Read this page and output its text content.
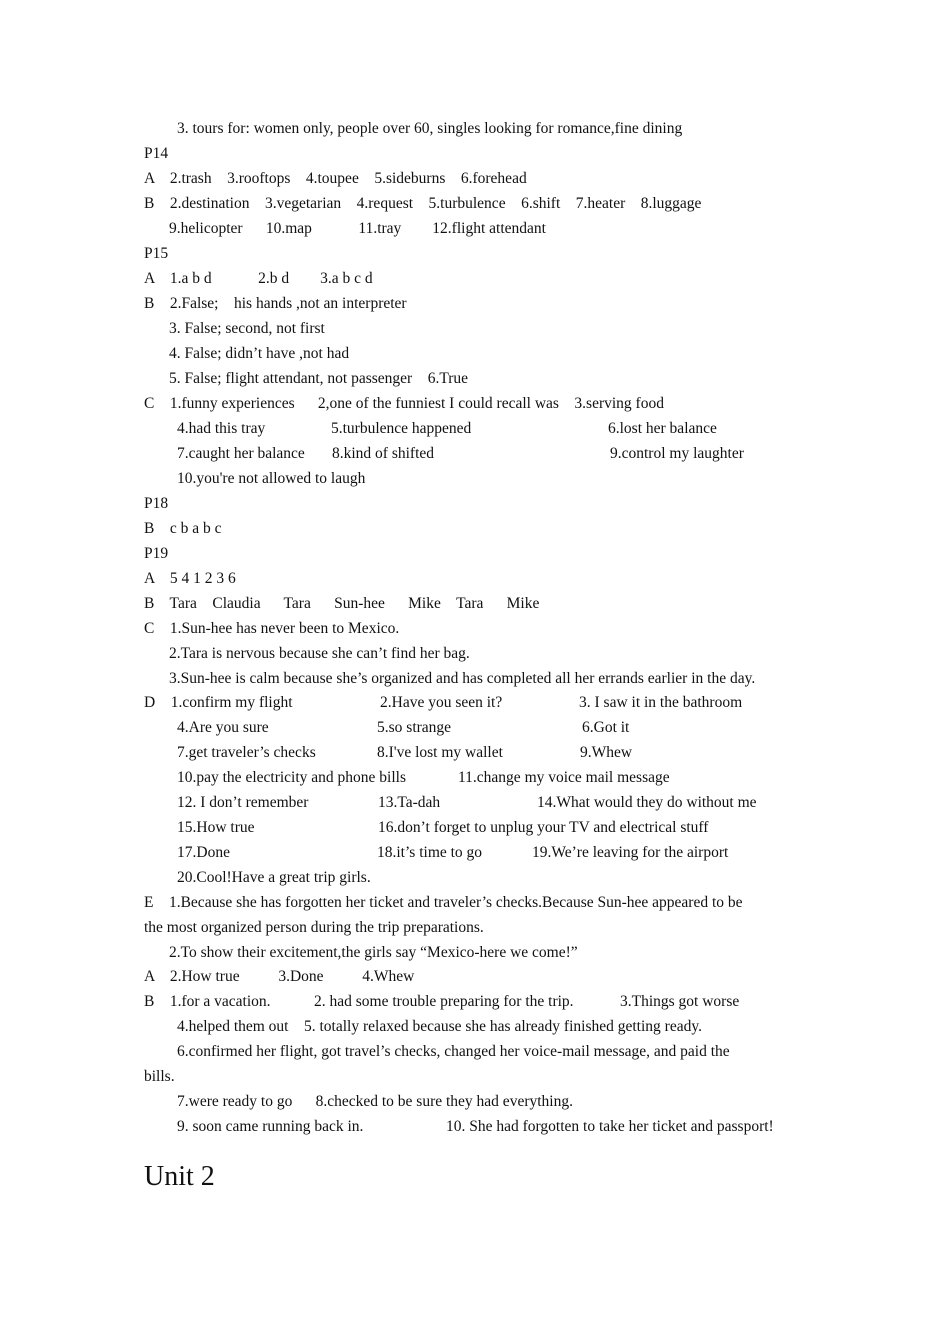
3. tours for: women only, people over 60, singles looking for romance,fine dining
P14
A    2.trash    3.rooftops    4.toupee    5.sideburns    6.forehead
B    2.destination    3.vegetarian    4.request    5.turbulence    6.shift    7.heater    8.luggage
9.helicopter      10.map            11.tray        12.flight attendant
P15
A    1.a b d            2.b d        3.a b c d
B    2.False;    his hands ,not an interpreter
3. False; second, not first
4. False; didn’t have ,not had
5. False; flight attendant, not passenger    6.True
C    1.funny experiences      2,one of the funniest I could recall was    3.serving food
4.had this tray	5.turbulence happened	6.lost her balance
7.caught her balance 8.kind of shifted	9.control my laughter
10.you're not allowed to laugh
P18
B    c b a b c
P19
A    5 4 1 2 3 6
B    Tara    Claudia      Tara      Sun-hee      Mike    Tara      Mike
C    1.Sun-hee has never been to Mexico.
2.Tara is nervous because she can’t find her bag.
3.Sun-hee is calm because she’s organized and has completed all her errands earlier in the day.
D    1.confirm my flight	2.Have you seen it?	3. I saw it in the bathroom
4.Are you sure	5.so strange	6.Got it
7.get traveler’s checks	8.I've lost my wallet	9.Whew
10.pay the electricity and phone bills	11.change my voice mail message
12. I don’t remember	13.Ta-dah	14.What would they do without me
15.How true	16.don’t forget to unplug your TV and electrical stuff
17.Done	18.it’s time to go	19.We’re leaving for the airport
20.Cool!Have a great trip girls.
E    1.Because she has forgotten her ticket and traveler’s checks.Because Sun-hee appeared to be
the most organized person during the trip preparations.
2.To show their excitement,the girls say “Mexico-here we come!”
A    2.How true          3.Done          4.Whew
B    1.for a vacation.	2. had some trouble preparing for the trip.	3.Things got worse
4.helped them out    5. totally relaxed because she has already finished getting ready.
6.confirmed her flight, got travel’s checks, changed her voice-mail message, and paid the
bills.
7.were ready to go      8.checked to be sure they had everything.
9. soon came running back in.	10. She had forgotten to take her ticket and passport!
Unit 2
